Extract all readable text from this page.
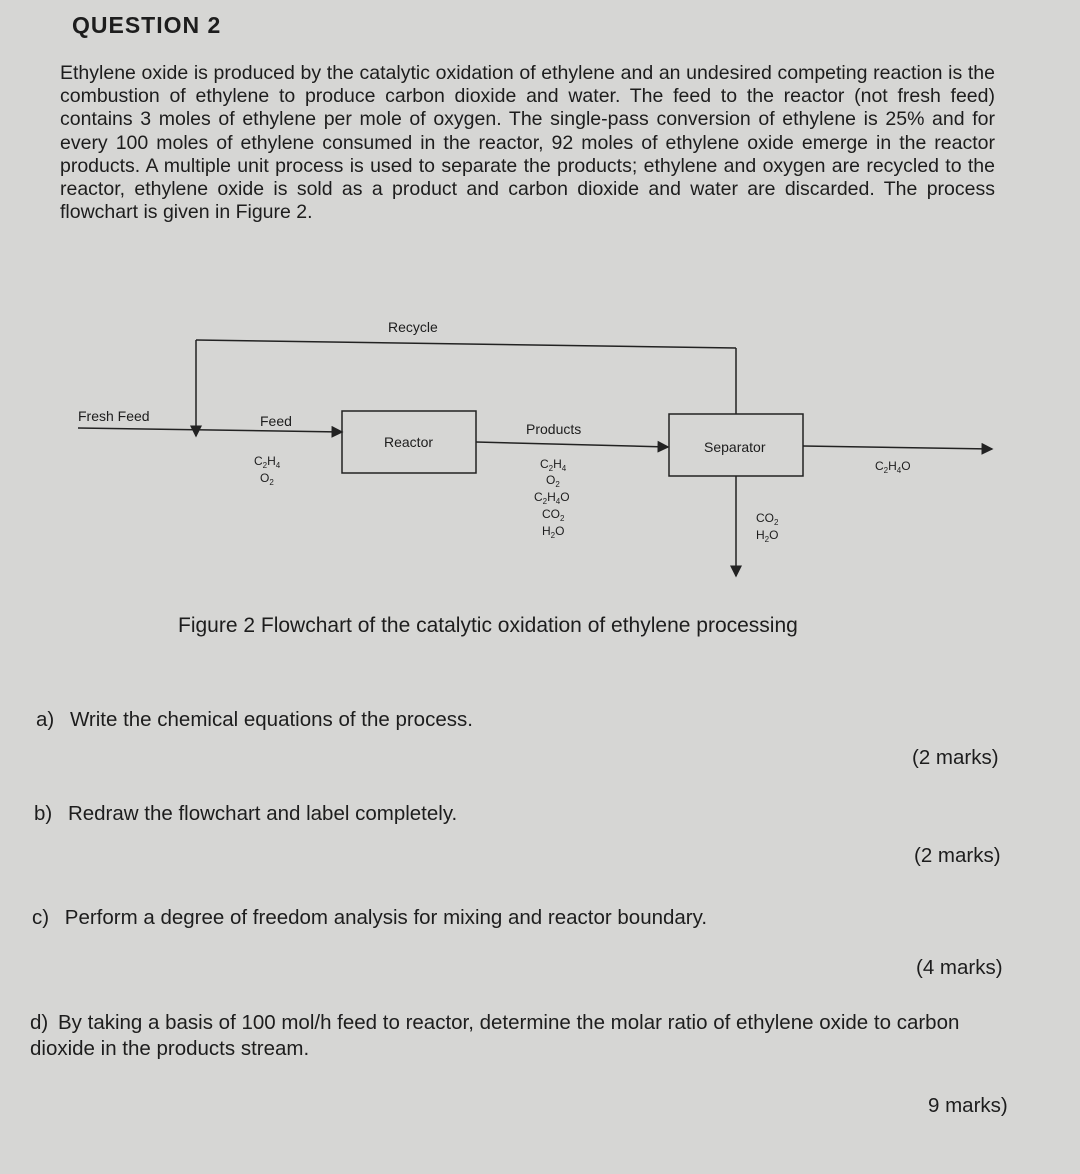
QUESTION 2
Ethylene oxide is produced by the catalytic oxidation of ethylene and an undesired competing reaction is the combustion of ethylene to produce carbon dioxide and water. The feed to the reactor (not fresh feed) contains 3 moles of ethylene per mole of oxygen. The single-pass conversion of ethylene is 25% and for every 100 moles of ethylene consumed in the reactor, 92 moles of ethylene oxide emerge in the reactor products. A multiple unit process is used to separate the products; ethylene and oxygen are recycled to the reactor, ethylene oxide is sold as a product and carbon dioxide and water are discarded. The process flowchart is given in Figure 2.
Recycle
Fresh Feed	Feed
$C_2H_4$
$O_2$
Reactor
Products
$C_2H_4$
$O_2$
$C_2H_4O$
$CO_2$
$H_2O$
Separator
$C_2H_4O$
$CO_2$
$H_2O$
Figure 2 Flowchart of the catalytic oxidation of ethylene processing
a) Write the chemical equations of the process.
(2 marks)
b) Redraw the flowchart and label completely.
(2 marks)
c) Perform a degree of freedom analysis for mixing and reactor boundary.
(4 marks)
d) By taking a basis of 100 mol/h feed to reactor, determine the molar ratio of ethylene oxide to carbon dioxide in the products stream.
9 marks)
